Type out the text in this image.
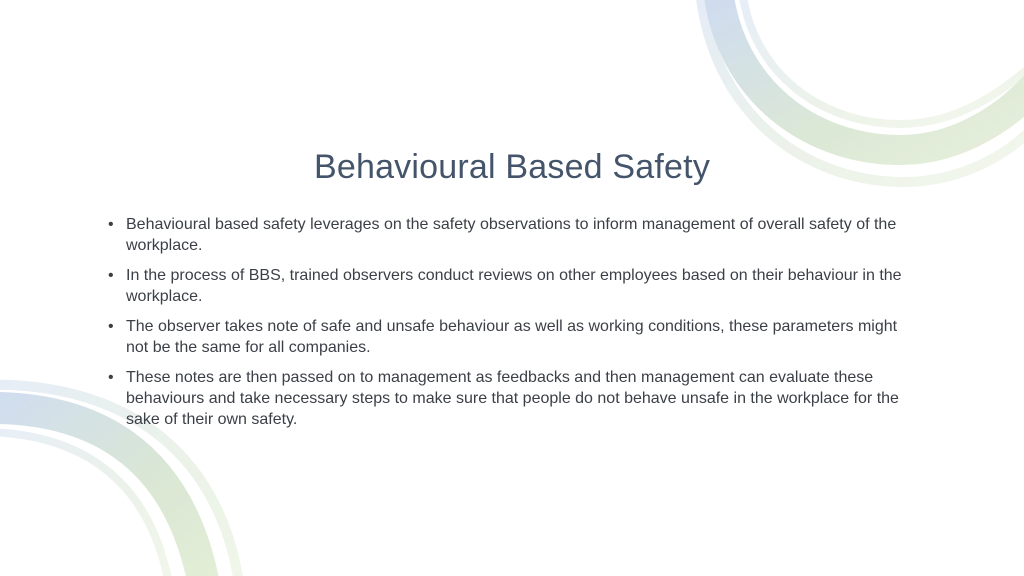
Behavioural Based Safety
• Behavioural based safety leverages on the safety observations to inform management of overall safety of the workplace.
• In the process of BBS, trained observers conduct reviews on other employees based on their behaviour in the workplace.
• The observer takes note of safe and unsafe behaviour as well as working conditions, these parameters might not be the same for all companies.
• These notes are then passed on to management as feedbacks and then management can evaluate these behaviours and take necessary steps to make sure that people do not behave unsafe in the workplace for the sake of their own safety.
